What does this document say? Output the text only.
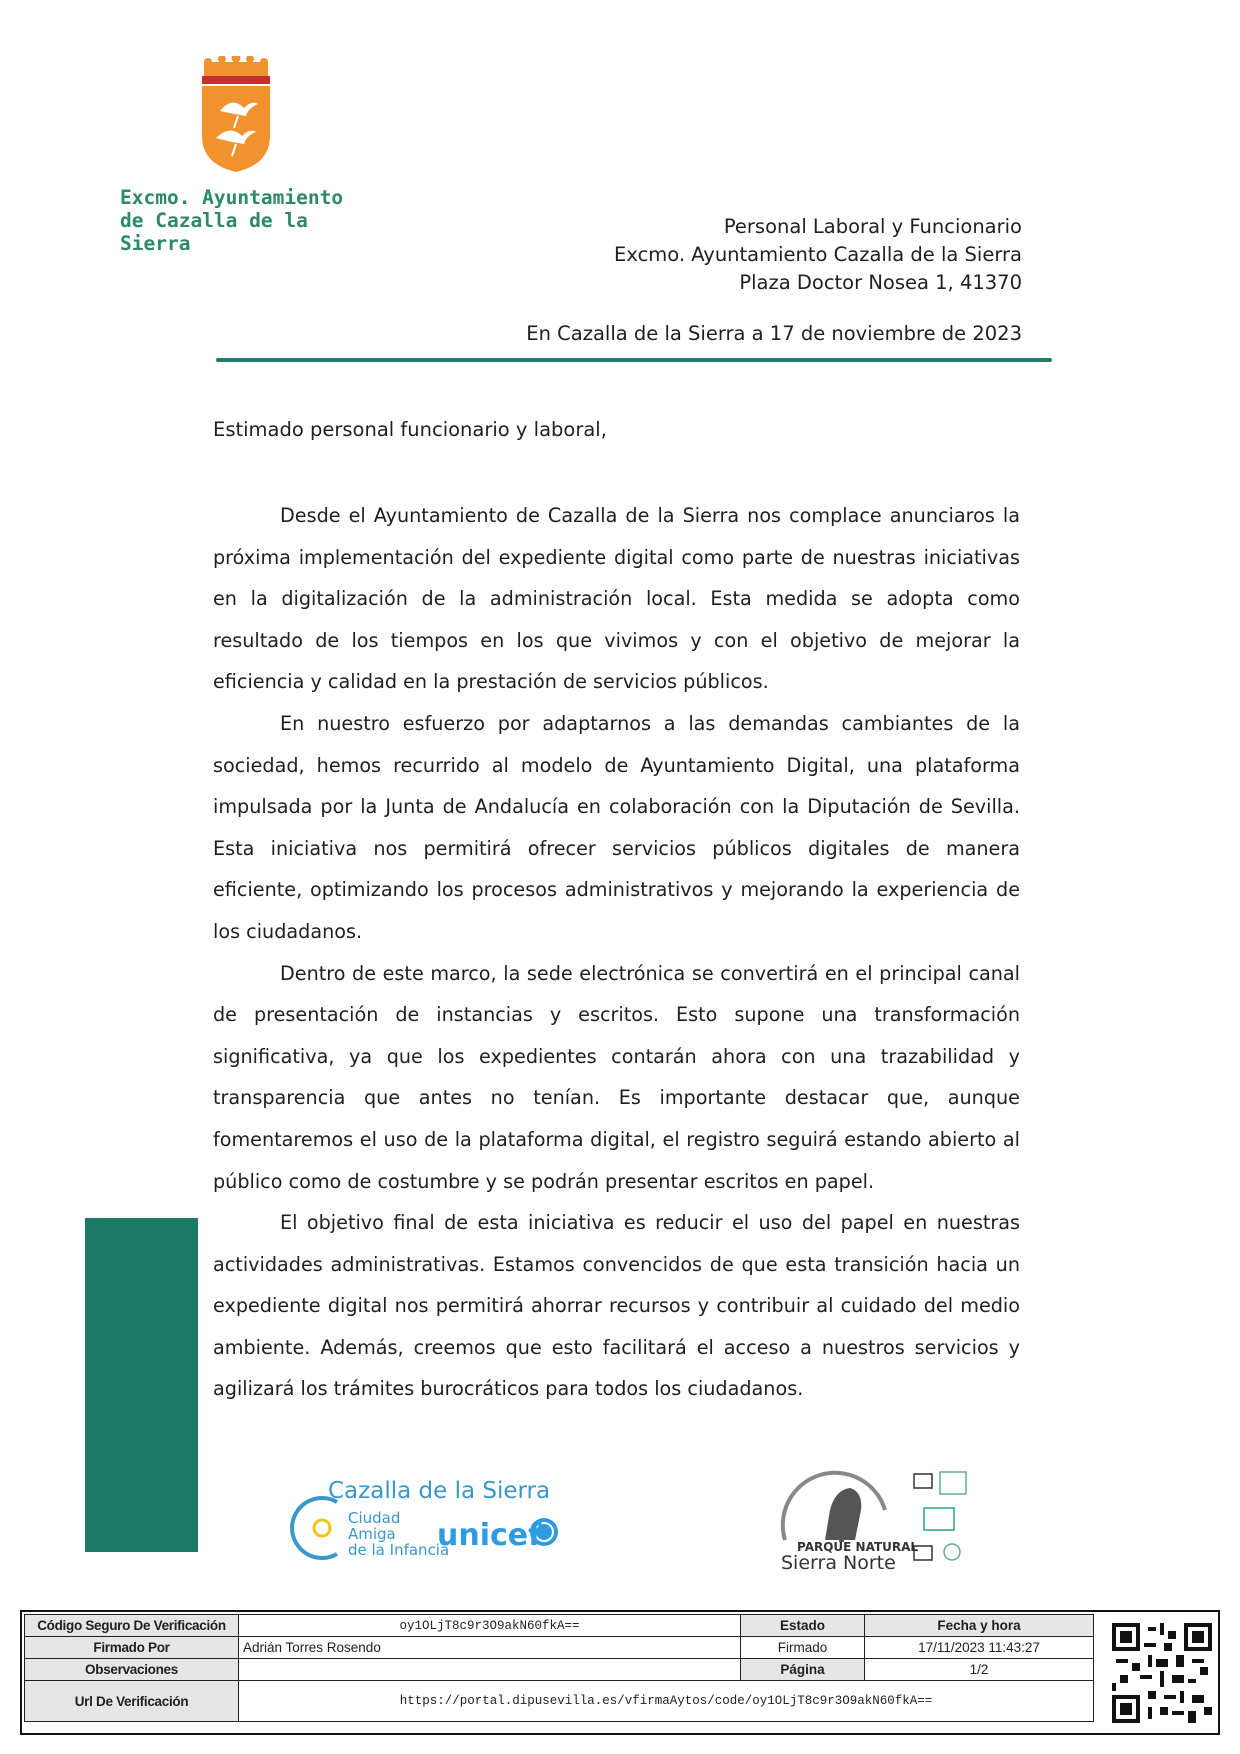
Excmo. Ayuntamiento
de Cazalla de la Sierra
Personal Laboral y Funcionario
Excmo. Ayuntamiento Cazalla de la Sierra
Plaza Doctor Nosea 1, 41370
En Cazalla de la Sierra a 17 de noviembre de 2023
Estimado personal funcionario y laboral,

Desde el Ayuntamiento de Cazalla de la Sierra nos complace anunciaros la próxima implementación del expediente digital como parte de nuestras iniciativas en la digitalización de la administración local. Esta medida se adopta como resultado de los tiempos en los que vivimos y con el objetivo de mejorar la eficiencia y calidad en la prestación de servicios públicos.

En nuestro esfuerzo por adaptarnos a las demandas cambiantes de la sociedad, hemos recurrido al modelo de Ayuntamiento Digital, una plataforma impulsada por la Junta de Andalucía en colaboración con la Diputación de Sevilla. Esta iniciativa nos permitirá ofrecer servicios públicos digitales de manera eficiente, optimizando los procesos administrativos y mejorando la experiencia de los ciudadanos.

Dentro de este marco, la sede electrónica se convertirá en el principal canal de presentación de instancias y escritos. Esto supone una transformación significativa, ya que los expedientes contarán ahora con una trazabilidad y transparencia que antes no tenían. Es importante destacar que, aunque fomentaremos el uso de la plataforma digital, el registro seguirá estando abierto al público como de costumbre y se podrán presentar escritos en papel.

El objetivo final de esta iniciativa es reducir el uso del papel en nuestras actividades administrativas. Estamos convencidos de que esta transición hacia un expediente digital nos permitirá ahorrar recursos y contribuir al cuidado del medio ambiente. Además, creemos que esto facilitará el acceso a nuestros servicios y agilizará los trámites burocráticos para todos los ciudadanos.

Cazalla de la Sierra
Ciudad
Amiga
de la Infancia
unicef	PARQUE NATURAL
Sierra Norte
Código Seguro De Verificación	oy1OLjT8c9r3O9akN60fkA==	Estado	Fecha y hora
Firmado Por	Adrián Torres Rosendo	Firmado	17/11/2023 11:43:27
Observaciones		Página	1/2
Url De Verificación	https://portal.dipusevilla.es/vfirmaAytos/code/oy1OLjT8c9r3O9akN60fkA==		
